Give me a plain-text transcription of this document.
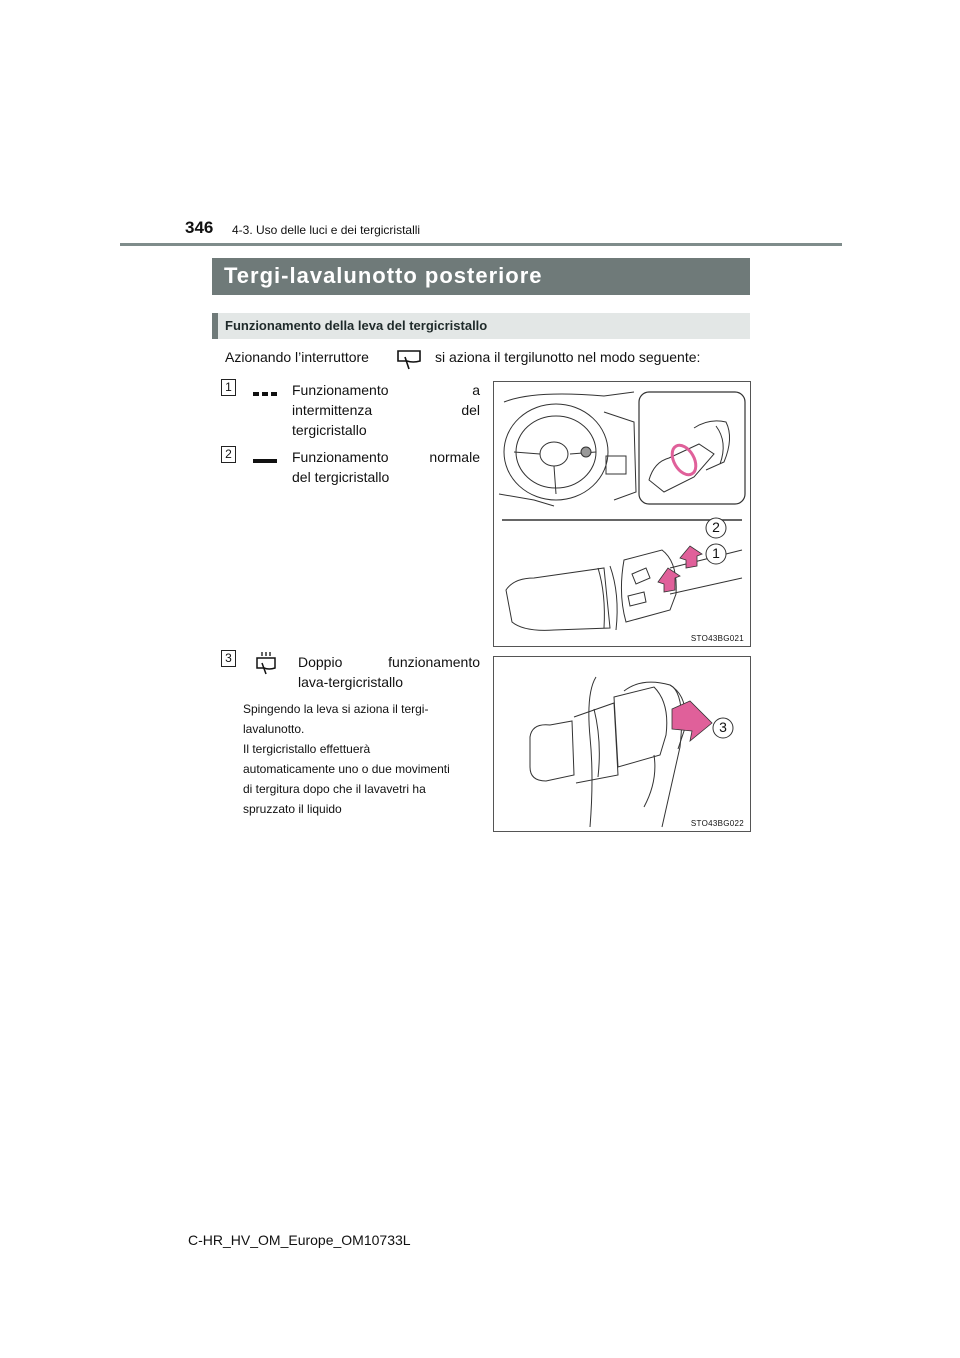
346 4-3. Uso delle luci e dei tergicristalli
Tergi-lavalunotto posteriore
Funzionamento della leva del tergicristallo
Azionando l’interruttore	si aziona il tergilunotto nel modo seguente:
1	Funzionamento	a
intermittenza	del
tergicristallo
2	Funzionamento	normale
del tergicristallo
2
1
STO43BG021
3	Doppio	funzionamento
lava-tergicristallo
Spingendo la leva si aziona il tergi-
lavalunotto.
Il tergicristallo effettuerà
automaticamente uno o due movimenti
di tergitura dopo che il lavavetri ha
spruzzato il liquido
3
STO43BG022
C-HR_HV_OM_Europe_OM10733L
